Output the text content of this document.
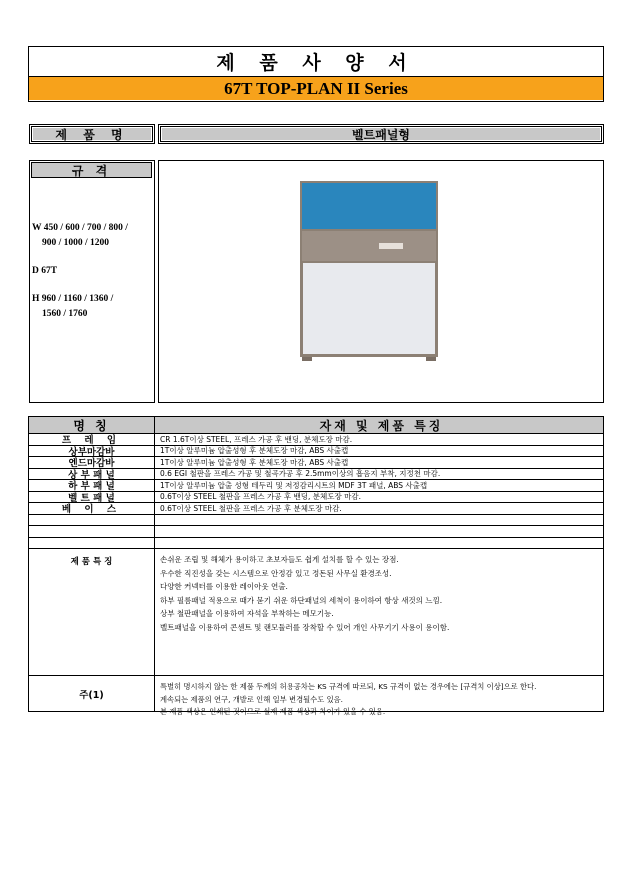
제 품 사 양 서
67T TOP-PLAN II Series
제 품 명	벨트패널형
규 격
W 450 / 600 / 700 / 800 /
900 / 1000 / 1200
D 67T
H 960 / 1160 / 1360 /
1560 / 1760
명 칭	자재 및 제품 특징
프 레 임	CR 1.6T이상 STEEL, 프레스 가공 후 밴딩, 분체도장 마감.
상부마감바	1T이상 알루미늄 압출성형 후 분체도장 마감, ABS 사출캡
엔드마감바	1T이상 알루미늄 압출성형 후 분체도장 마감, ABS 사출캡
상 부 패 널	0.6 EGI 철판을 프레스 가공 및 철곡가공 후 2.5mm이상의 흡음지 부착, 지정천 마감.
하 부 패 널	1T이상 알루미늄 압출 성형 테두리 및 저정감리시트의 MDF 3T 패널, ABS 사출캡
벨 트 패 널	0.6T이상 STEEL 철판을 프레스 가공 후 밴딩, 분체도장 마감.
베 이 스	0.6T이상 STEEL 철판을 프레스 가공 후 분체도장 마감.
제 품 특 징	손쉬운 조립 및 해체가 용이하고 초보자들도 쉽게 설치를 할 수 있는 장점.
우수한 직진성을 갖는 시스템으로 안정감 있고 정돈된 사무실 환경조성.
다양한 커넥터를 이용한 레이아웃 연출.
하부 필름패널 적용으로 때가 묻기 쉬운 하단패널의 세척이 용이하여 항상 새것의 느낌.
상부 철판패널을 이용하여 자석을 부착하는 메모기능.
벨트패널을 이용하여 콘센트 및 랜모듈러를 장착할 수 있어 개인 사무기기 사용이 용이함.
주(1)
특별히 명시하지 않는 한 제품 두께의 허용공차는 KS 규격에 따르되, KS 규격이 없는 경우에는 [규격치 이상]으로 한다.
계속되는 제품의 연구, 개발로 인해 일부 변경될수도 있음.
본 제품 색상은 인쇄된 것이므로 실제 제품 색상과 차이가 있을 수 있음.
